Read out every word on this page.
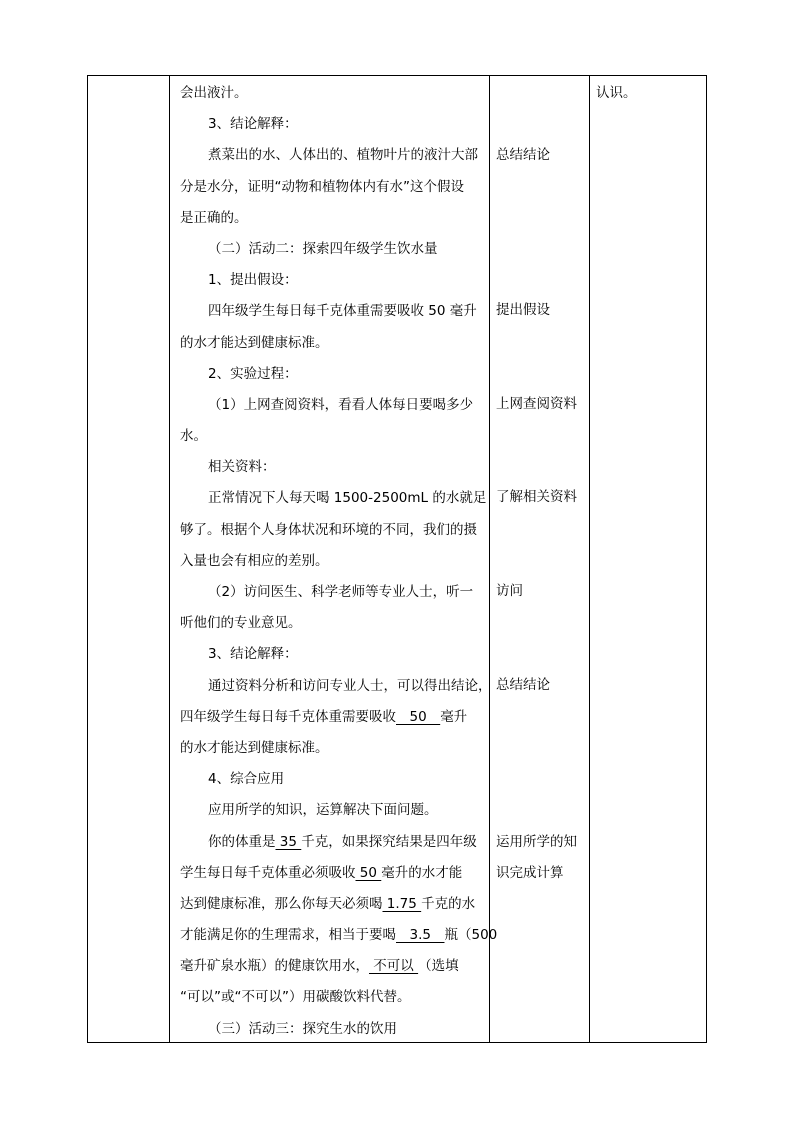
会出液汁。
3、结论解释：
煮菜出的水、人体出的、植物叶片的液汁大部
分是水分，证明“动物和植物体内有水”这个假设
是正确的。
（二）活动二：探索四年级学生饮水量
1、提出假设：
四年级学生每日每千克体重需要吸收 50 毫升
的水才能达到健康标准。
2、实验过程：
（1）上网查阅资料，看看人体每日要喝多少
水。
相关资料：
正常情况下人每天喝 1500-2500mL 的水就足
够了。根据个人身体状况和环境的不同，我们的摄
入量也会有相应的差别。
（2）访问医生、科学老师等专业人士，听一
听他们的专业意见。
3、结论解释：
通过资料分析和访问专业人士，可以得出结论，
四年级学生每日每千克体重需要吸收　50　毫升
的水才能达到健康标准。
4、综合应用
应用所学的知识，运算解决下面问题。
你的体重是 35 千克，如果探究结果是四年级
学生每日每千克体重必须吸收 50 毫升的水才能
达到健康标准，那么你每天必须喝 1.75 千克的水
才能满足你的生理需求，相当于要喝　3.5　瓶（500
毫升矿泉水瓶）的健康饮用水， 不可以 （选填
“可以”或“不可以”）用碳酸饮料代替。
（三）活动三：探究生水的饮用
总结结论
提出假设
上网查阅资料
了解相关资料
访问
总结结论
运用所学的知
识完成计算
认识。
